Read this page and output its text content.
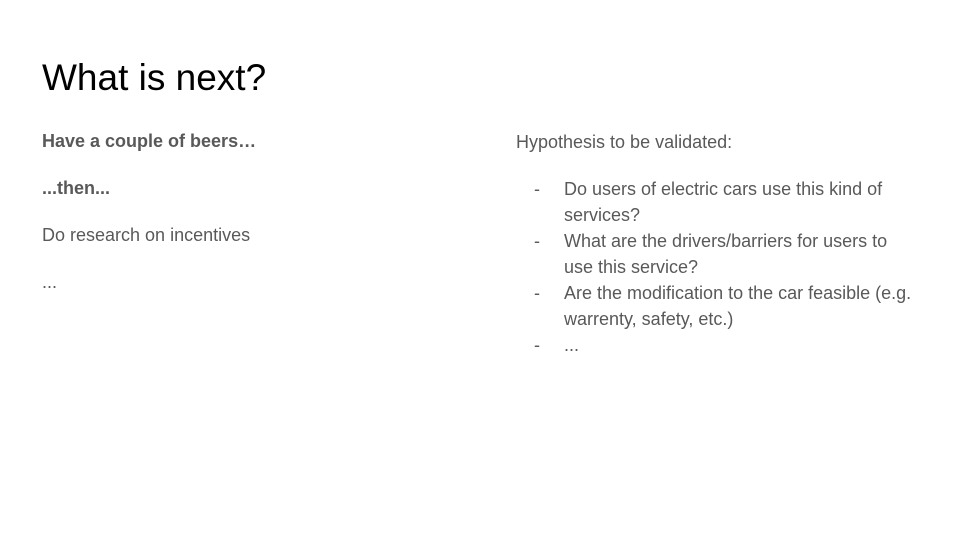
What is next?

Have a couple of beers…

...then...

Do research on incentives

...

Hypothesis to be validated:

- Do users of electric cars use this kind of services?
- What are the drivers/barriers for users to use this service?
- Are the modification to the car feasible (e.g. warrenty, safety, etc.)
- ...
